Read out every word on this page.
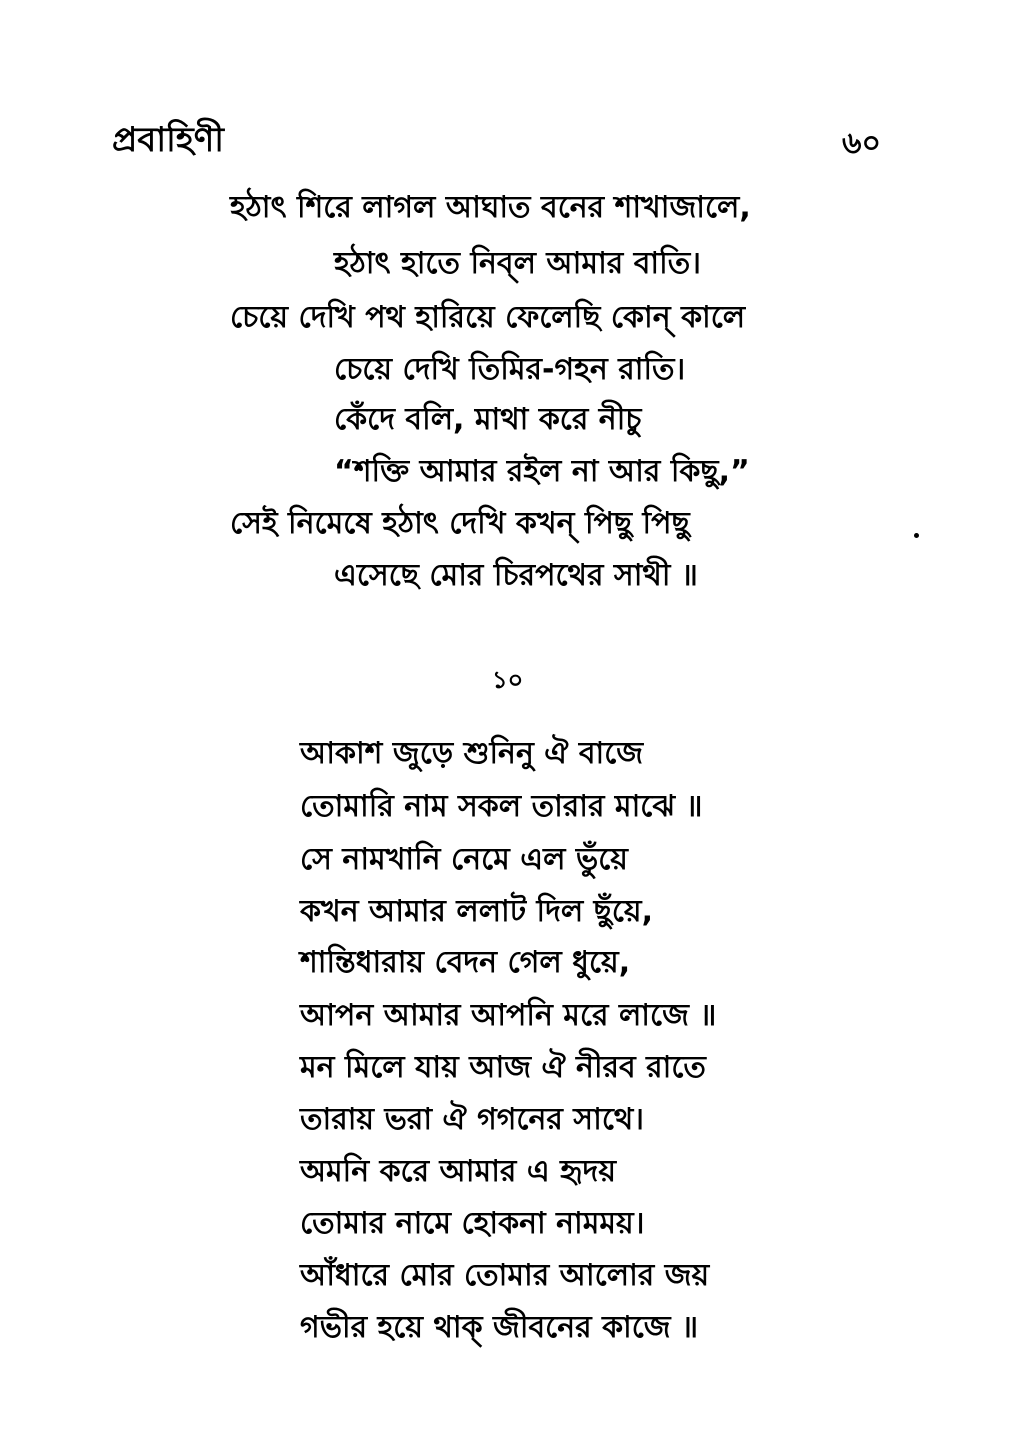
প্রবাহিণী	৬০
হঠাৎ শিরে লাগল আঘাত বনের শাখাজালে,
হঠাৎ হাতে নিব্‌ল আমার বাতি।
চেয়ে দেখি পথ হারিয়ে ফেলেছি কোন্ কালে
চেয়ে দেখি তিমির-গহন রাতি।
কেঁদে বলি, মাথা করে নীচু
“শক্তি আমার রইল না আর কিছু,”
সেই নিমেষে হঠাৎ দেখি কখন্ পিছু পিছু
এসেছে মোর চিরপথের সাথী ॥
১০
আকাশ জুড়ে শুনিনু ঐ বাজে
তোমারি নাম সকল তারার মাঝে ॥
সে নামখানি নেমে এল ভুঁয়ে
কখন আমার ললাট দিল ছুঁয়ে,
শান্তিধারায় বেদন গেল ধুয়ে,
আপন আমার আপনি মরে লাজে ॥
মন মিলে যায় আজ ঐ নীরব রাতে
তারায় ভরা ঐ গগনের সাথে।
অমনি করে আমার এ হৃদয়
তোমার নামে হোকনা নামময়।
আঁধারে মোর তোমার আলোর জয়
গভীর হয়ে থাক্‌ জীবনের কাজে ॥
